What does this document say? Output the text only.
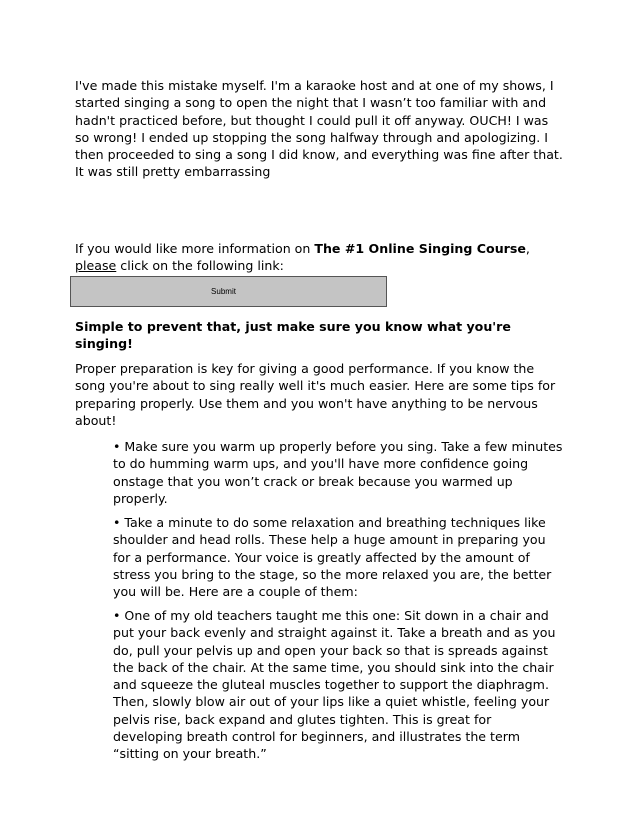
I've made this mistake myself. I'm a karaoke host and at one of my shows, I started singing a song to open the night that I wasn’t too familiar with and hadn't practiced before, but thought I could pull it off anyway. OUCH! I was so wrong! I ended up stopping the song halfway through and apologizing. I then proceeded to sing a song I did know, and everything was fine after that. It was still pretty embarrassing

If you would like more information on The #1 Online Singing Course, please click on the following link:

Submit

Simple to prevent that, just make sure you know what you're singing!

Proper preparation is key for giving a good performance. If you know the song you're about to sing really well it's much easier. Here are some tips for preparing properly. Use them and you won't have anything to be nervous about!

• Make sure you warm up properly before you sing. Take a few minutes to do humming warm ups, and you'll have more confidence going onstage that you won’t crack or break because you warmed up properly.

• Take a minute to do some relaxation and breathing techniques like shoulder and head rolls. These help a huge amount in preparing you for a performance. Your voice is greatly affected by the amount of stress you bring to the stage, so the more relaxed you are, the better you will be. Here are a couple of them:

• One of my old teachers taught me this one: Sit down in a chair and put your back evenly and straight against it. Take a breath and as you do, pull your pelvis up and open your back so that is spreads against the back of the chair. At the same time, you should sink into the chair and squeeze the gluteal muscles together to support the diaphragm. Then, slowly blow air out of your lips like a quiet whistle, feeling your pelvis rise, back expand and glutes tighten. This is great for developing breath control for beginners, and illustrates the term “sitting on your breath.”
